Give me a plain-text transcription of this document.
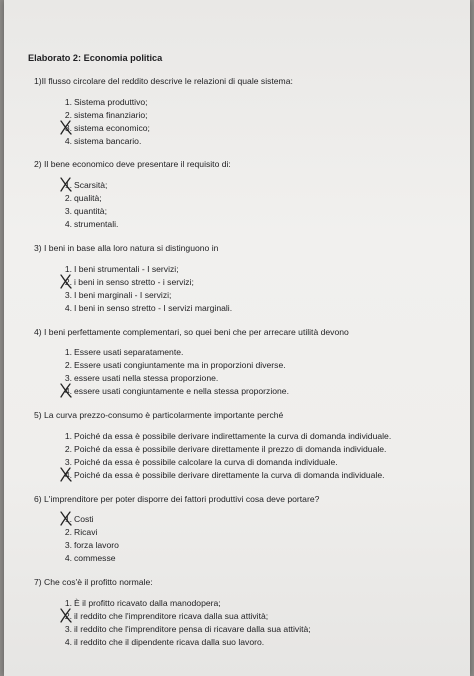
Elaborato 2: Economia politica
1)Il flusso circolare del reddito descrive le relazioni di quale sistema:
1. Sistema produttivo;
2. sistema finanziario;
3. sistema economico;
4. sistema bancario.
2) Il bene economico deve presentare il requisito di:
1. Scarsità;
2. qualità;
3. quantità;
4. strumentali.
3) I beni in base alla loro natura si distinguono in
1. I beni strumentali - I servizi;
2. i beni in senso stretto - i servizi;
3. I beni marginali - I servizi;
4. I beni in senso stretto - I servizi marginali.
4) I beni perfettamente complementari, so quei beni che per arrecare utilità devono
1. Essere usati separatamente.
2. Essere usati congiuntamente ma in proporzioni diverse.
3. essere usati nella stessa proporzione.
4. essere usati congiuntamente e nella stessa proporzione.
5) La curva prezzo-consumo è particolarmente importante perché
1. Poiché da essa è possibile derivare indirettamente la curva di domanda individuale.
2. Poiché da essa è possibile derivare direttamente il prezzo di domanda individuale.
3. Poiché da essa è possibile calcolare la curva di domanda individuale.
4. Poiché da essa è possibile derivare direttamente la curva di domanda individuale.
6) L'imprenditore per poter disporre dei fattori produttivi cosa deve portare?
1. Costi
2. Ricavi
3. forza lavoro
4. commesse
7) Che cos'è il profitto normale:
1. È il profitto ricavato dalla manodopera;
2. il reddito che l'imprenditore ricava dalla sua attività;
3. il reddito che l'imprenditore pensa di ricavare dalla sua attività;
4. il reddito che il dipendente ricava dalla suo lavoro.
